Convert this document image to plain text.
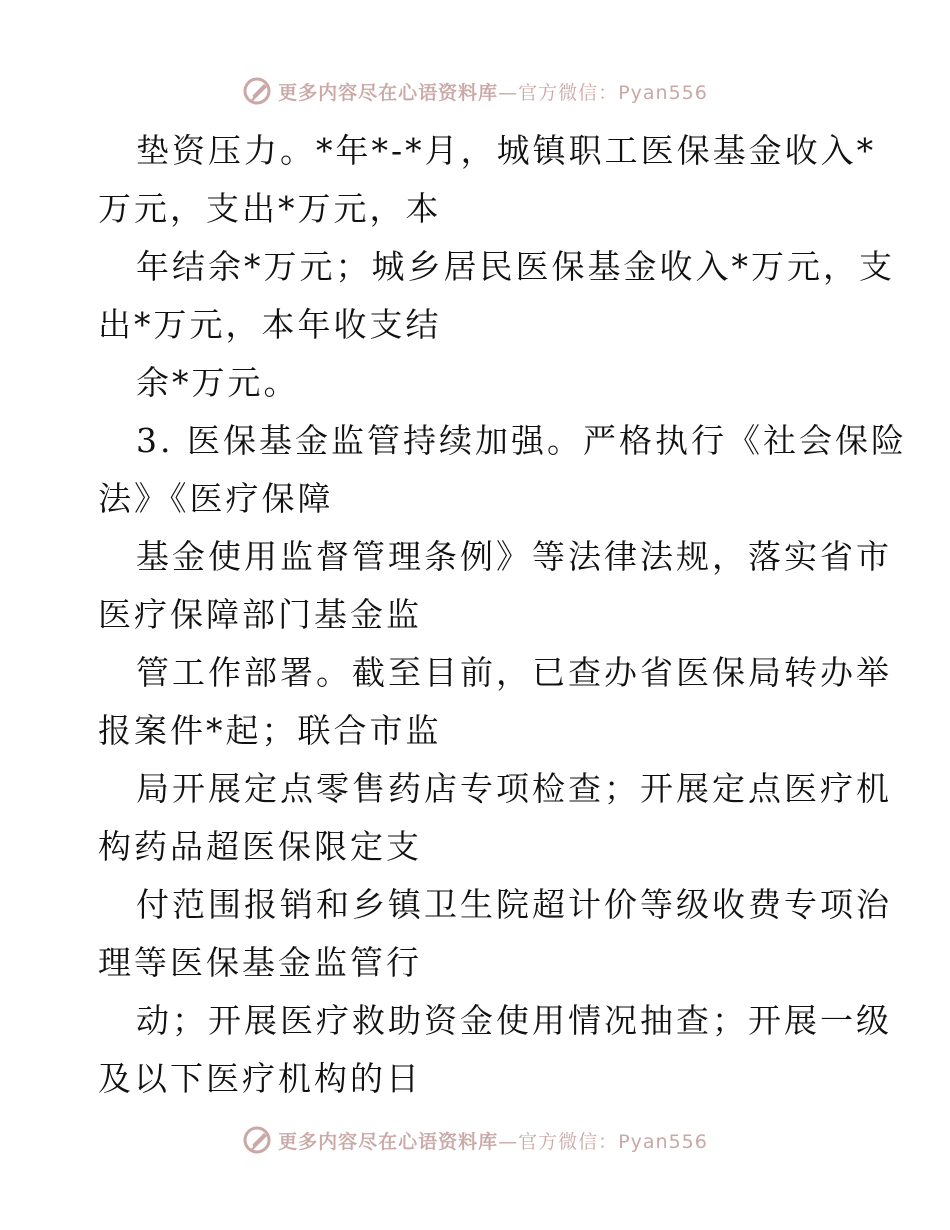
更多内容尽在心语资料库—官方微信：Pyan556

垫资压力。*年*-*月，城镇职工医保基金收入*
万元，支出*万元，本

年结余*万元；城乡居民医保基金收入*万元，支
出*万元，本年收支结

余*万元。

3. 医保基金监管持续加强。严格执行《社会保险
法》《医疗保障

基金使用监督管理条例》等法律法规，落实省市
医疗保障部门基金监

管工作部署。截至目前，已查办省医保局转办举
报案件*起；联合市监

局开展定点零售药店专项检查；开展定点医疗机
构药品超医保限定支

付范围报销和乡镇卫生院超计价等级收费专项治
理等医保基金监管行

动；开展医疗救助资金使用情况抽查；开展一级
及以下医疗机构的日

更多内容尽在心语资料库—官方微信：Pyan556
